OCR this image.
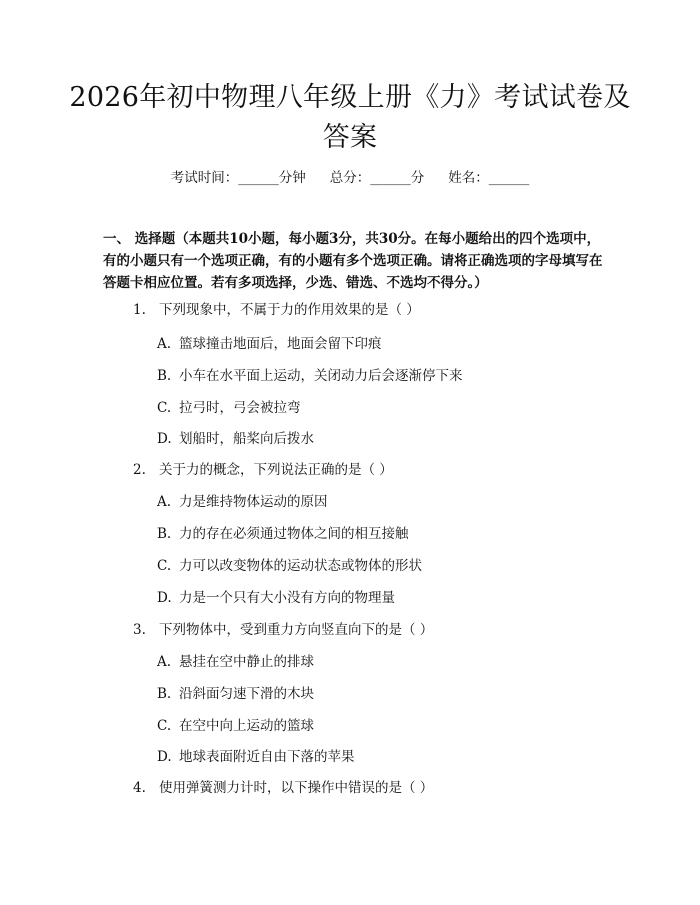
2026年初中物理八年级上册《力》考试试卷及答案
考试时间：______分钟 总分：______分 姓名：______
一、 选择题（本题共10小题，每小题3分，共30分。在每小题给出的四个选项中，有的小题只有一个选项正确，有的小题有多个选项正确。请将正确选项的字母填写在答题卡相应位置。若有多项选择，少选、错选、不选均不得分。）
1. 下列现象中，不属于力的作用效果的是（ ）
A. 篮球撞击地面后，地面会留下印痕
B. 小车在水平面上运动，关闭动力后会逐渐停下来
C. 拉弓时，弓会被拉弯
D. 划船时，船桨向后拨水
2. 关于力的概念，下列说法正确的是（ ）
A. 力是维持物体运动的原因
B. 力的存在必须通过物体之间的相互接触
C. 力可以改变物体的运动状态或物体的形状
D. 力是一个只有大小没有方向的物理量
3. 下列物体中，受到重力方向竖直向下的是（ ）
A. 悬挂在空中静止的排球
B. 沿斜面匀速下滑的木块
C. 在空中向上运动的篮球
D. 地球表面附近自由下落的苹果
4. 使用弹簧测力计时，以下操作中错误的是（ ）
